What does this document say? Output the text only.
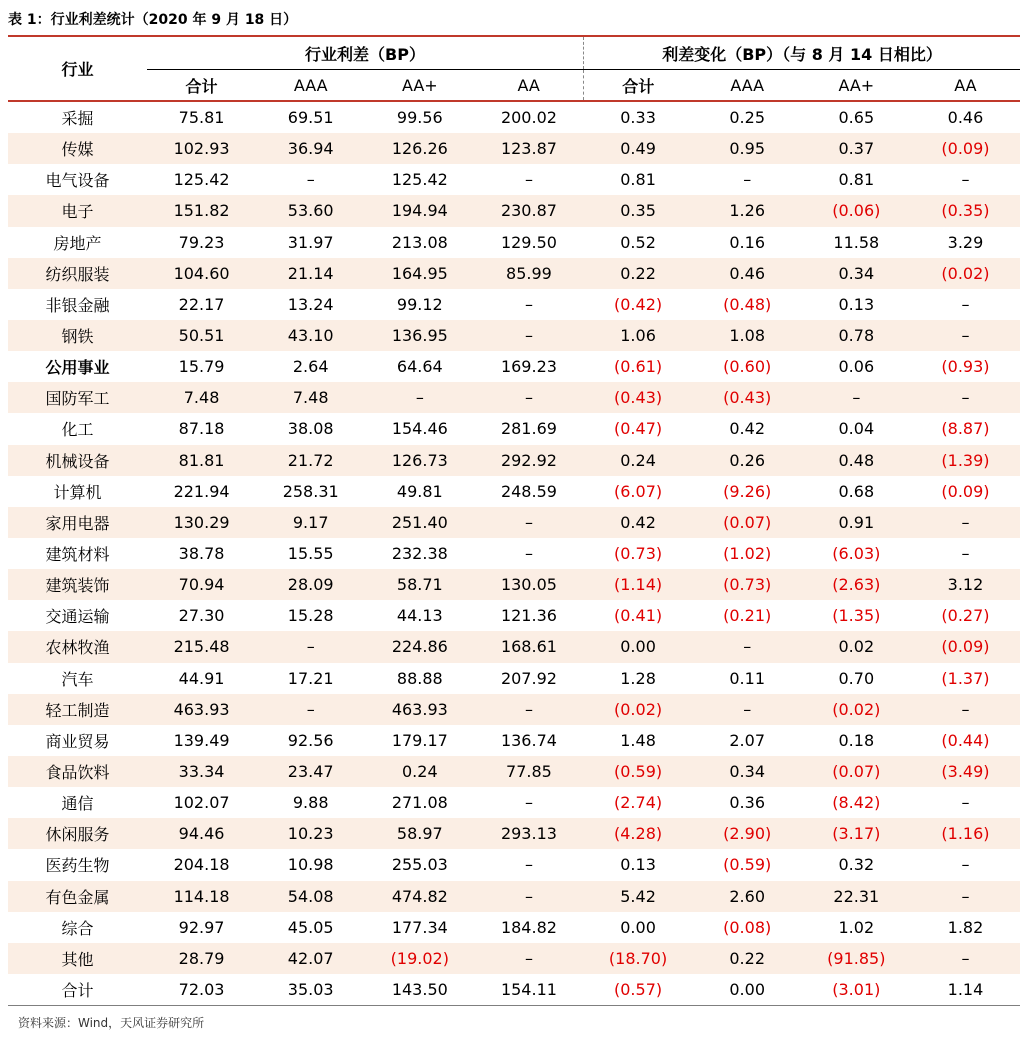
表 1：行业利差统计（2020 年 9 月 18 日）
行业	行业利差（BP）				利差变化（BP）（与 8 月 14 日相比）			
	合计	AAA	AA+	AA	合计	AAA	AA+	AA
采掘	75.81	69.51	99.56	200.02	0.33	0.25	0.65	0.46
传媒	102.93	36.94	126.26	123.87	0.49	0.95	0.37	(0.09)
电气设备	125.42	–	125.42	–	0.81	–	0.81	–
电子	151.82	53.60	194.94	230.87	0.35	1.26	(0.06)	(0.35)
房地产	79.23	31.97	213.08	129.50	0.52	0.16	11.58	3.29
纺织服装	104.60	21.14	164.95	85.99	0.22	0.46	0.34	(0.02)
非银金融	22.17	13.24	99.12	–	(0.42)	(0.48)	0.13	–
钢铁	50.51	43.10	136.95	–	1.06	1.08	0.78	–
公用事业	15.79	2.64	64.64	169.23	(0.61)	(0.60)	0.06	(0.93)
国防军工	7.48	7.48	–	–	(0.43)	(0.43)	–	–
化工	87.18	38.08	154.46	281.69	(0.47)	0.42	0.04	(8.87)
机械设备	81.81	21.72	126.73	292.92	0.24	0.26	0.48	(1.39)
计算机	221.94	258.31	49.81	248.59	(6.07)	(9.26)	0.68	(0.09)
家用电器	130.29	9.17	251.40	–	0.42	(0.07)	0.91	–
建筑材料	38.78	15.55	232.38	–	(0.73)	(1.02)	(6.03)	–
建筑装饰	70.94	28.09	58.71	130.05	(1.14)	(0.73)	(2.63)	3.12
交通运输	27.30	15.28	44.13	121.36	(0.41)	(0.21)	(1.35)	(0.27)
农林牧渔	215.48	–	224.86	168.61	0.00	–	0.02	(0.09)
汽车	44.91	17.21	88.88	207.92	1.28	0.11	0.70	(1.37)
轻工制造	463.93	–	463.93	–	(0.02)	–	(0.02)	–
商业贸易	139.49	92.56	179.17	136.74	1.48	2.07	0.18	(0.44)
食品饮料	33.34	23.47	0.24	77.85	(0.59)	0.34	(0.07)	(3.49)
通信	102.07	9.88	271.08	–	(2.74)	0.36	(8.42)	–
休闲服务	94.46	10.23	58.97	293.13	(4.28)	(2.90)	(3.17)	(1.16)
医药生物	204.18	10.98	255.03	–	0.13	(0.59)	0.32	–
有色金属	114.18	54.08	474.82	–	5.42	2.60	22.31	–
综合	92.97	45.05	177.34	184.82	0.00	(0.08)	1.02	1.82
其他	28.79	42.07	(19.02)	–	(18.70)	0.22	(91.85)	–
合计	72.03	35.03	143.50	154.11	(0.57)	0.00	(3.01)	1.14
资料来源：Wind，天风证券研究所
